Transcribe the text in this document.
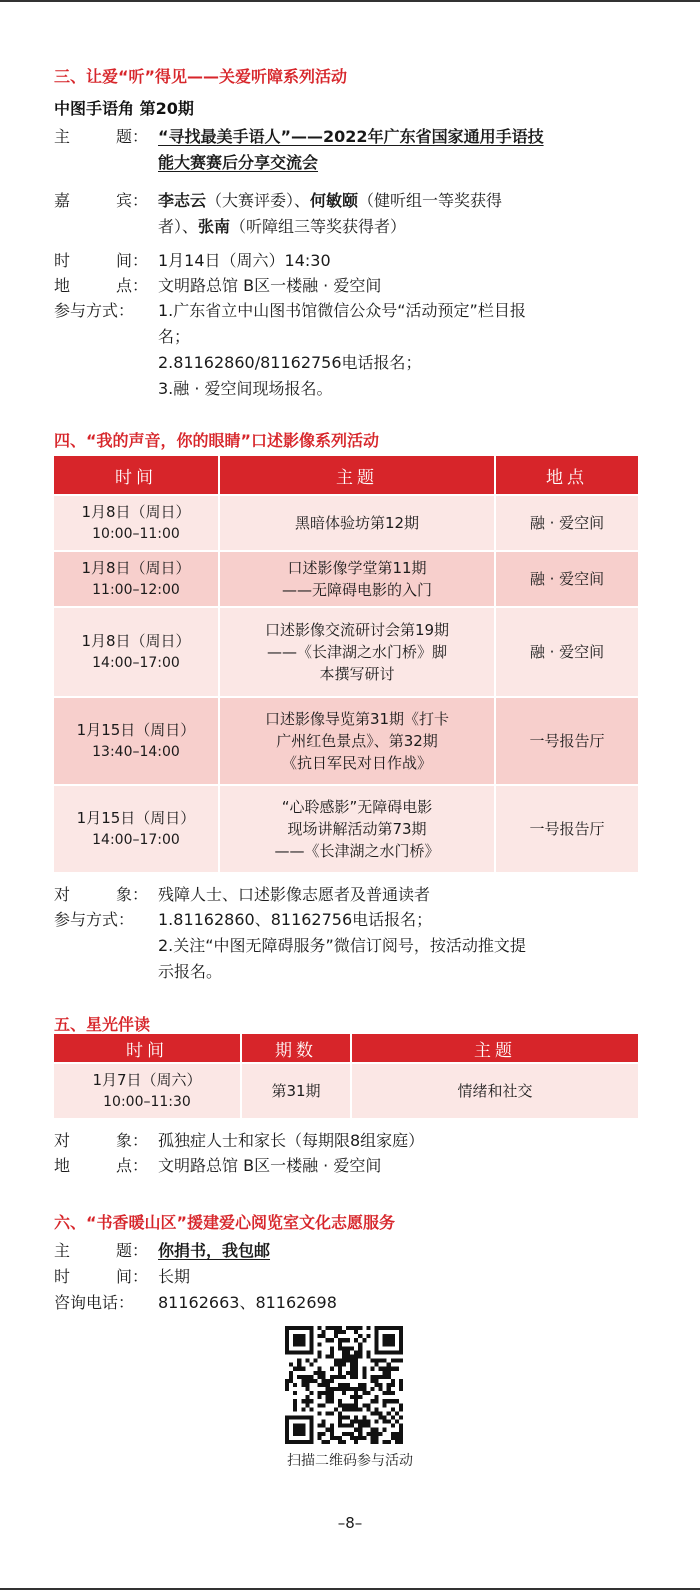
三、让爱“听”得见——关爱听障系列活动
中图手语角 第20期
主	题： “寻找最美手语人”——2022年广东省国家通用手语技
能大赛赛后分享交流会
嘉	宾： 李志云（大赛评委）、何敏颐（健听组一等奖获得
者）、张南（听障组三等奖获得者）
时	间： 1月14日（周六）14:30
地	点： 文明路总馆 B区一楼融 · 爱空间
参与方式：	1.广东省立中山图书馆微信公众号“活动预定”栏目报
名；
2.81162860/81162756电话报名；
3.融 · 爱空间现场报名。
四、“我的声音，你的眼睛”口述影像系列活动
时间	主题	地点

1月8日（周日）
10:00–11:00	黑暗体验坊第12期	融 · 爱空间

1月8日（周日）
11:00–12:00	口述影像学堂第11期
——无障碍电影的入门	融 · 爱空间

1月8日（周日）
14:00–17:00	口述影像交流研讨会第19期
——《长津湖之水门桥》脚
本撰写研讨	融 · 爱空间

1月15日（周日）
13:40–14:00	口述影像导览第31期《打卡
广州红色景点》、第32期
《抗日军民对日作战》	一号报告厅

1月15日（周日）
14:00–17:00	“心聆感影”无障碍电影
现场讲解活动第73期
——《长津湖之水门桥》	一号报告厅
对	象： 残障人士、口述影像志愿者及普通读者
参与方式：	1.81162860、81162756电话报名；
2.关注“中图无障碍服务”微信订阅号，按活动推文提
示报名。
五、星光伴读
时间	期数	主题

1月7日（周六）
10:00–11:30	第31期	情绪和社交
对	象： 孤独症人士和家长（每期限8组家庭）
地	点： 文明路总馆 B区一楼融 · 爱空间
六、“书香暖山区”援建爱心阅览室文化志愿服务
主	题： 你捐书，我包邮
时	间： 长期
咨询电话：	81162663、81162698
扫描二维码参与活动
–8–
